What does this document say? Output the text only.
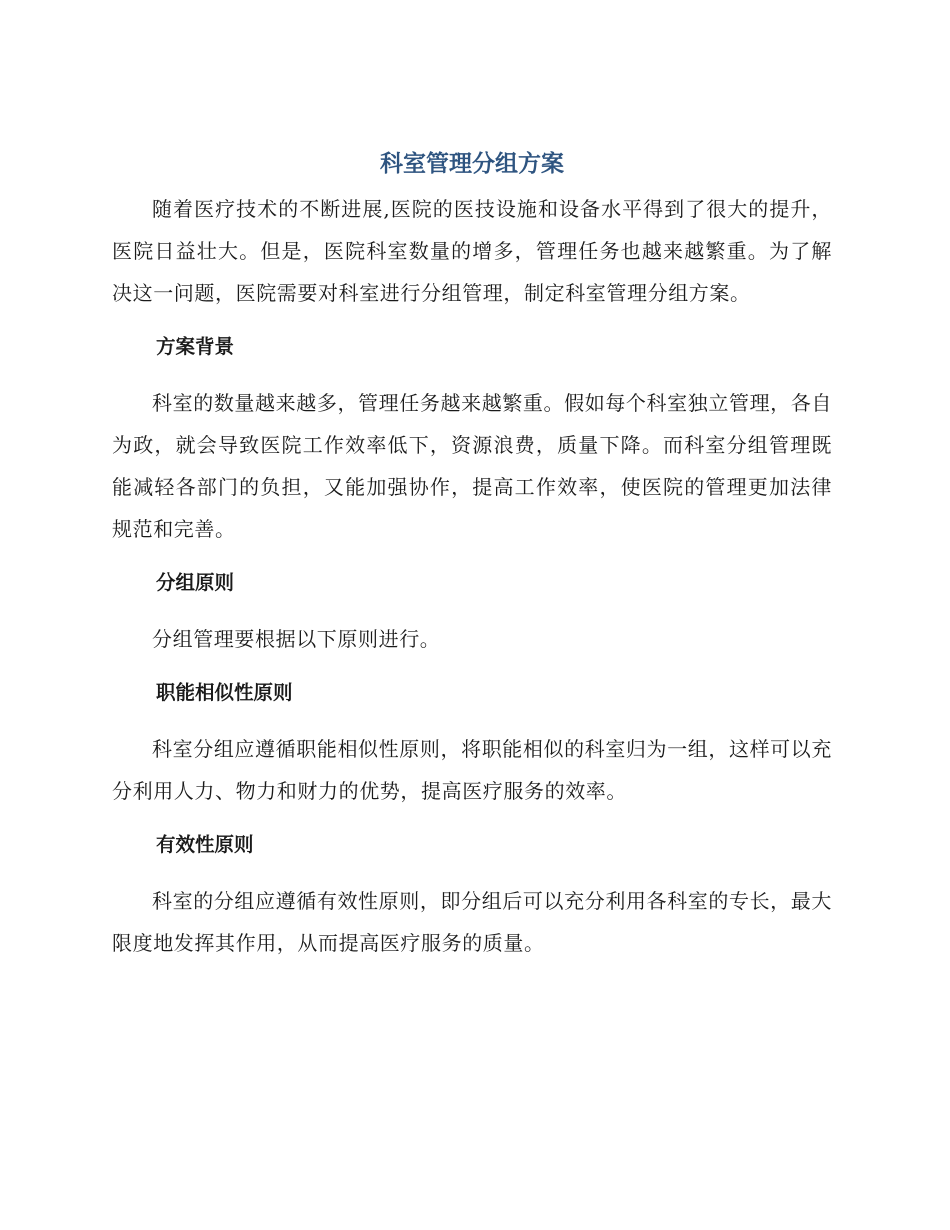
科室管理分组方案

随着医疗技术的不断进展,医院的医技设施和设备水平得到了很大的提升，医院日益壮大。但是，医院科室数量的增多，管理任务也越来越繁重。为了解决这一问题，医院需要对科室进行分组管理，制定科室管理分组方案。

方案背景

科室的数量越来越多，管理任务越来越繁重。假如每个科室独立管理，各自为政，就会导致医院工作效率低下，资源浪费，质量下降。而科室分组管理既能减轻各部门的负担，又能加强协作，提高工作效率，使医院的管理更加法律规范和完善。

分组原则

分组管理要根据以下原则进行。

职能相似性原则

科室分组应遵循职能相似性原则，将职能相似的科室归为一组，这样可以充分利用人力、物力和财力的优势，提高医疗服务的效率。

有效性原则

科室的分组应遵循有效性原则，即分组后可以充分利用各科室的专长，最大限度地发挥其作用，从而提高医疗服务的质量。
